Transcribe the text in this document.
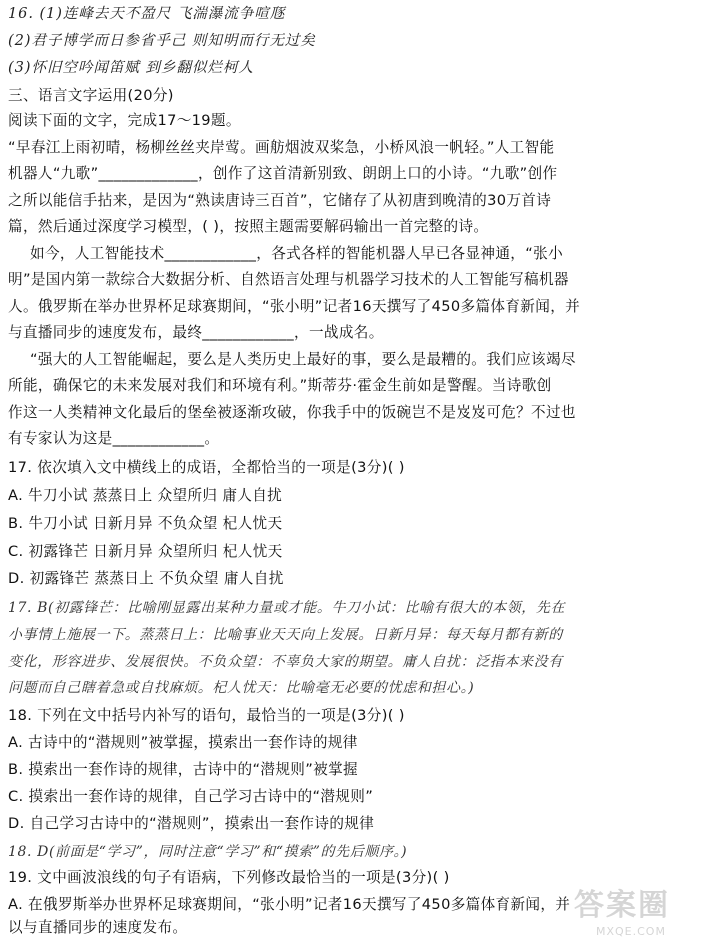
16. (1)连峰去天不盈尺 飞湍瀑流争喧豗
(2)君子博学而日参省乎己 则知明而行无过矣
(3)怀旧空吟闻笛赋 到乡翻似烂柯人
三、语言文字运用(20分)
阅读下面的文字，完成17～19题。
“早春江上雨初晴，杨柳丝丝夹岸莺。画舫烟波双桨急，小桥风浪一帆轻。”人工智能
机器人“九歌”_____________，创作了这首清新别致、朗朗上口的小诗。“九歌”创作
之所以能信手拈来，是因为“熟读唐诗三百首”，它储存了从初唐到晚清的30万首诗
篇，然后通过深度学习模型，( )，按照主题需要解码输出一首完整的诗。
如今，人工智能技术____________，各式各样的智能机器人早已各显神通，“张小
明”是国内第一款综合大数据分析、自然语言处理与机器学习技术的人工智能写稿机器
人。俄罗斯在举办世界杯足球赛期间，“张小明”记者16天撰写了450多篇体育新闻，并
与直播同步的速度发布，最终____________，一战成名。
“强大的人工智能崛起，要么是人类历史上最好的事，要么是最糟的。我们应该竭尽
所能，确保它的未来发展对我们和环境有利。”斯蒂芬·霍金生前如是警醒。当诗歌创
作这一人类精神文化最后的堡垒被逐渐攻破，你我手中的饭碗岂不是岌岌可危？不过也
有专家认为这是____________。
17. 依次填入文中横线上的成语，全都恰当的一项是(3分)( )
A. 牛刀小试 蒸蒸日上 众望所归 庸人自扰
B. 牛刀小试 日新月异 不负众望 杞人忧天
C. 初露锋芒 日新月异 众望所归 杞人忧天
D. 初露锋芒 蒸蒸日上 不负众望 庸人自扰
17. B(初露锋芒：比喻刚显露出某种力量或才能。牛刀小试：比喻有很大的本领，先在
小事情上施展一下。蒸蒸日上：比喻事业天天向上发展。日新月异：每天每月都有新的
变化，形容进步、发展很快。不负众望：不辜负大家的期望。庸人自扰：泛指本来没有
问题而自己瞎着急或自找麻烦。杞人忧天：比喻毫无必要的忧虑和担心。)
18. 下列在文中括号内补写的语句，最恰当的一项是(3分)( )
A. 古诗中的“潜规则”被掌握，摸索出一套作诗的规律
B. 摸索出一套作诗的规律，古诗中的“潜规则”被掌握
C. 摸索出一套作诗的规律，自己学习古诗中的“潜规则”
D. 自己学习古诗中的“潜规则”，摸索出一套作诗的规律
18. D(前面是“学习”，同时注意“学习”和“摸索”的先后顺序。)
19. 文中画波浪线的句子有语病，下列修改最恰当的一项是(3分)( )
A. 在俄罗斯举办世界杯足球赛期间，“张小明”记者16天撰写了450多篇体育新闻，并
以与直播同步的速度发布。
答案圈
MXQE.COM
